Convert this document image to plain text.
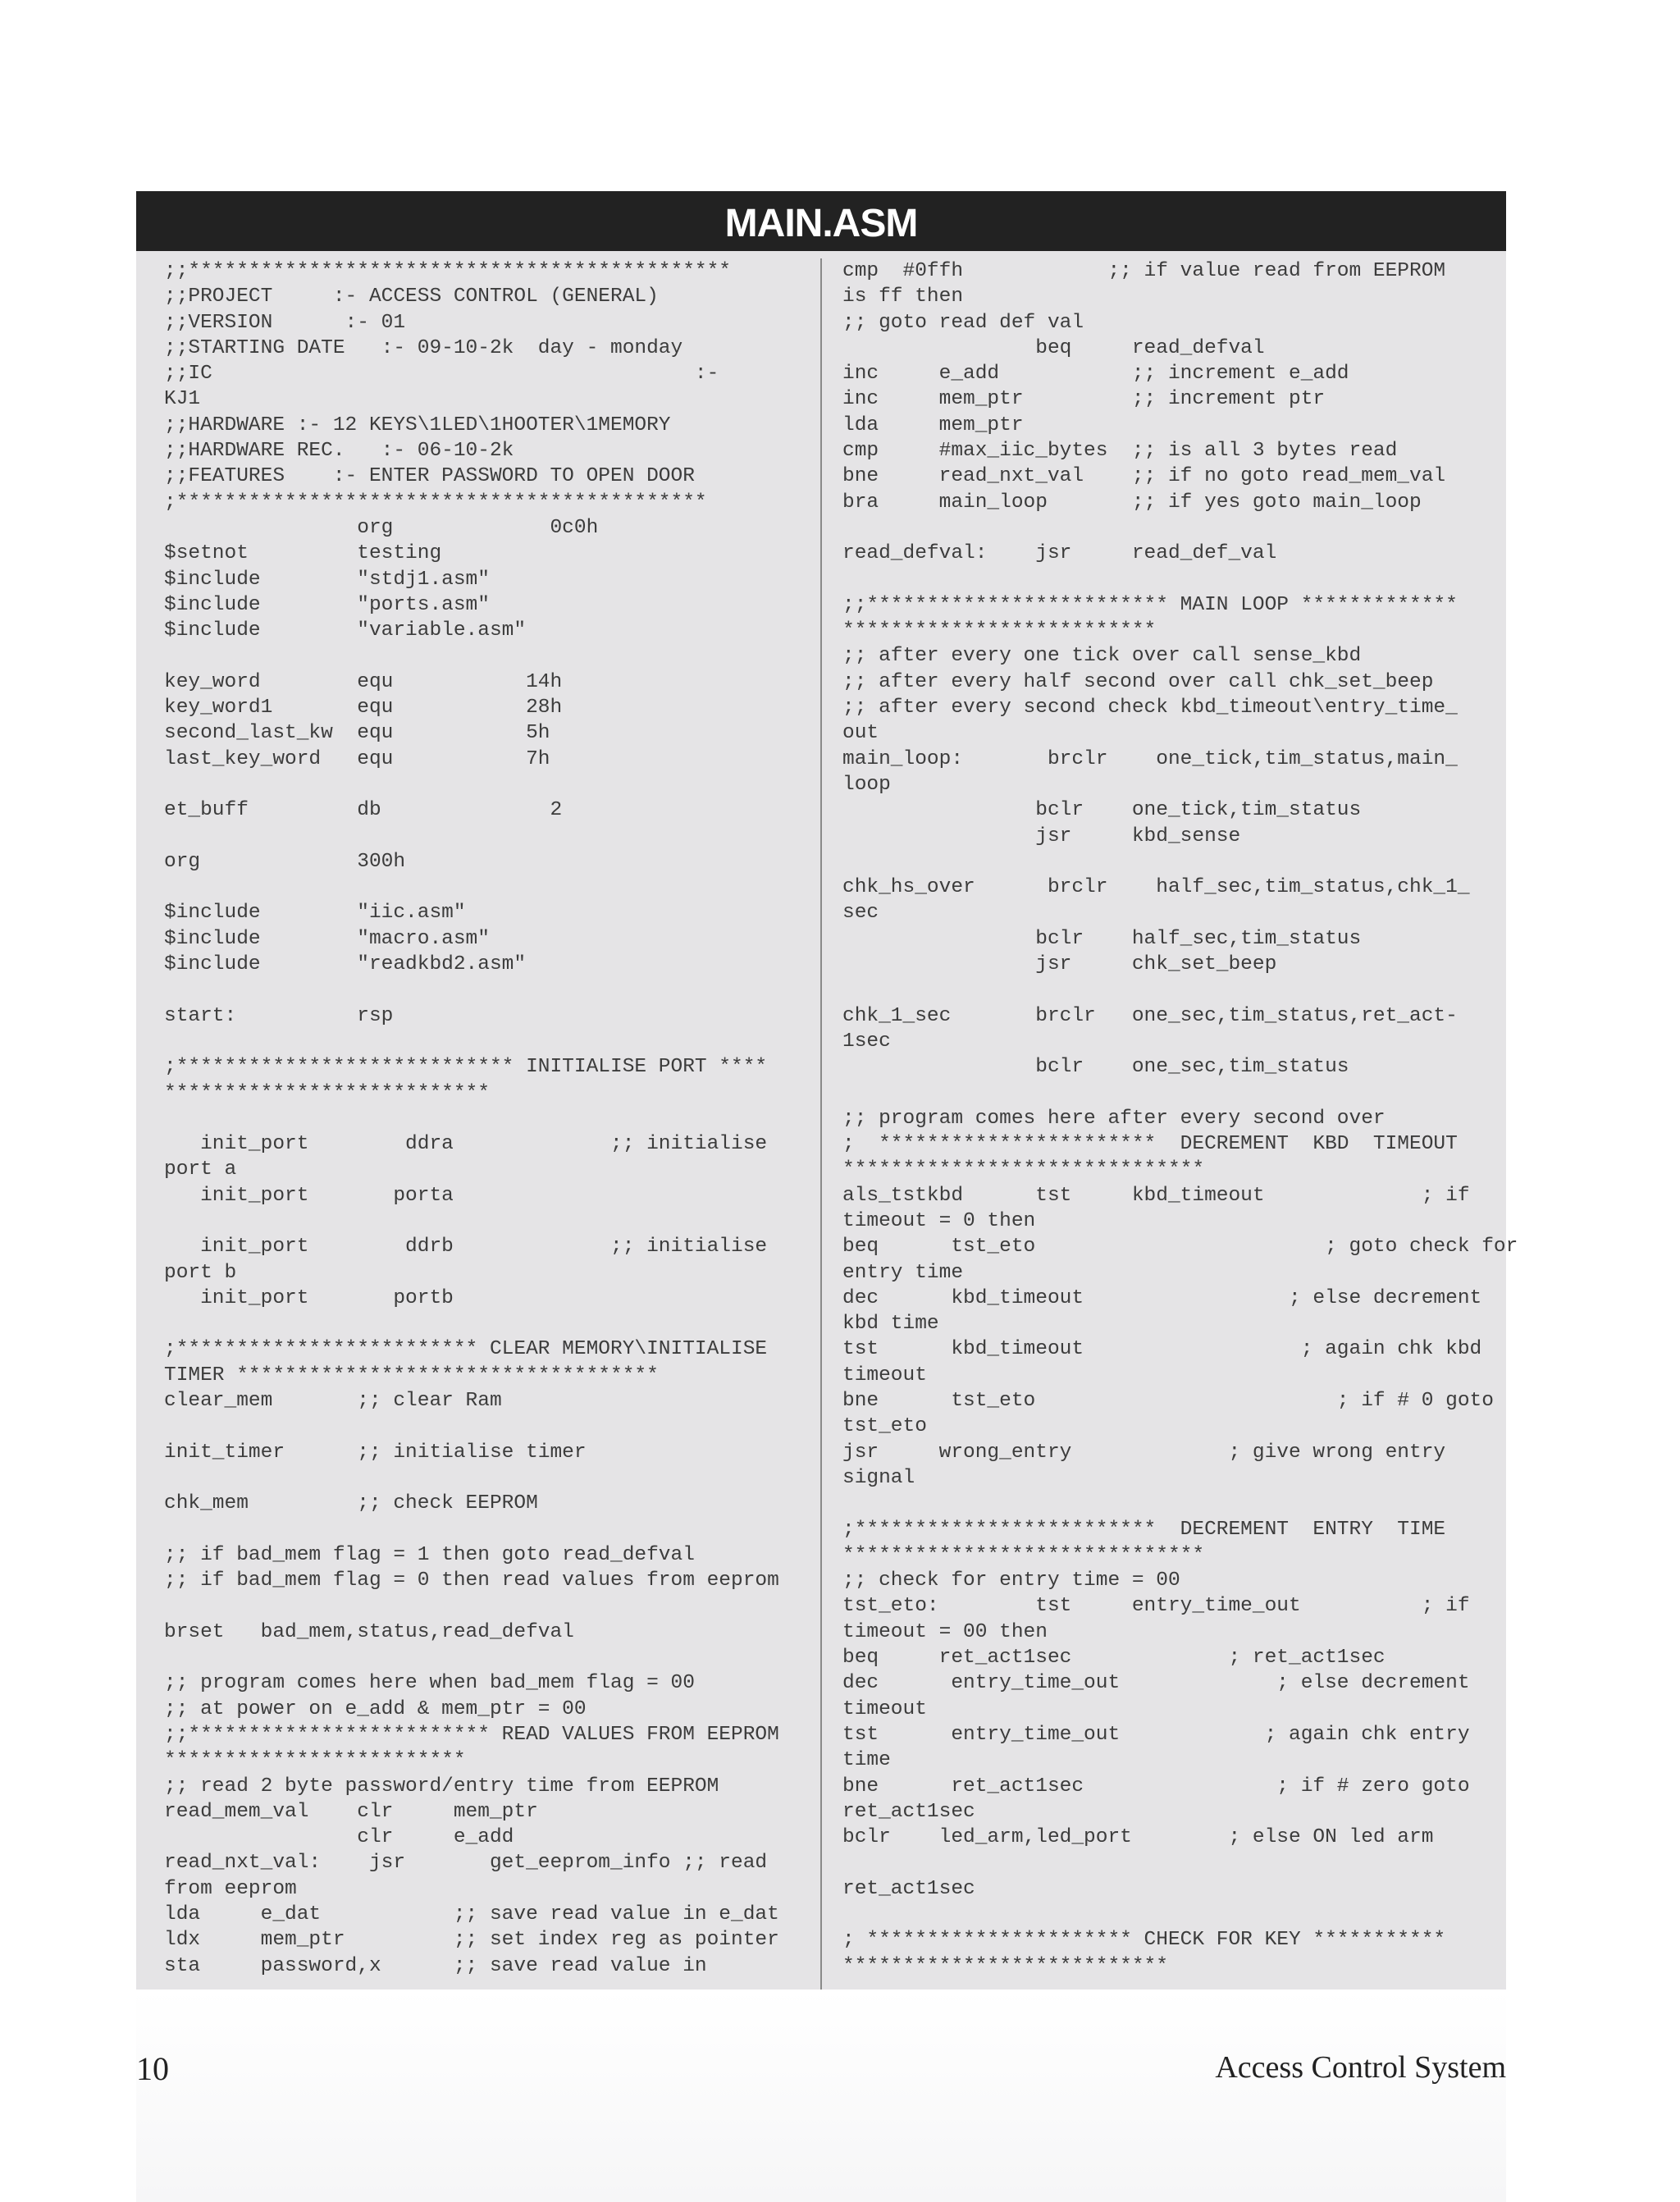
MAIN.ASM
;;*********************************************
;;PROJECT     :- ACCESS CONTROL (GENERAL)
;;VERSION      :- 01
;;STARTING DATE   :- 09-10-2k  day - monday
;;IC                                        :-
KJ1
;;HARDWARE :- 12 KEYS\1LED\1HOOTER\1MEMORY
;;HARDWARE REC.   :- 06-10-2k
;;FEATURES    :- ENTER PASSWORD TO OPEN DOOR
;********************************************
org             0c0h
$setnot         testing
$include        "stdj1.asm"
$include        "ports.asm"
$include        "variable.asm"

key_word        equ           14h
key_word1       equ           28h
second_last_kw  equ           5h
last_key_word   equ           7h

et_buff         db              2

org             300h

$include        "iic.asm"
$include        "macro.asm"
$include        "readkbd2.asm"

start:          rsp

;**************************** INITIALISE PORT ****
***************************

init_port        ddra             ;; initialise
port a
init_port       porta

init_port        ddrb             ;; initialise
port b
init_port       portb

;************************* CLEAR MEMORY\INITIALISE
TIMER ***********************************
clear_mem       ;; clear Ram

init_timer      ;; initialise timer

chk_mem         ;; check EEPROM

;; if bad_mem flag = 1 then goto read_defval
;; if bad_mem flag = 0 then read values from eeprom

brset   bad_mem,status,read_defval

;; program comes here when bad_mem flag = 00
;; at power on e_add & mem_ptr = 00
;;************************* READ VALUES FROM EEPROM
*************************
;; read 2 byte password/entry time from EEPROM
read_mem_val    clr     mem_ptr
clr     e_add
read_nxt_val:    jsr       get_eeprom_info ;; read
from eeprom
lda     e_dat           ;; save read value in e_dat
ldx     mem_ptr         ;; set index reg as pointer
sta     password,x      ;; save read value in
cmp  #0ffh            ;; if value read from EEPROM
is ff then
;; goto read def val
beq     read_defval
inc     e_add           ;; increment e_add
inc     mem_ptr         ;; increment ptr
lda     mem_ptr
cmp     #max_iic_bytes  ;; is all 3 bytes read
bne     read_nxt_val    ;; if no goto read_mem_val
bra     main_loop       ;; if yes goto main_loop

read_defval:    jsr     read_def_val

;;************************* MAIN LOOP *************
**************************
;; after every one tick over call sense_kbd
;; after every half second over call chk_set_beep
;; after every second check kbd_timeout\entry_time_
out
main_loop:       brclr    one_tick,tim_status,main_
loop
bclr    one_tick,tim_status
jsr     kbd_sense

chk_hs_over      brclr    half_sec,tim_status,chk_1_
sec
bclr    half_sec,tim_status
jsr     chk_set_beep

chk_1_sec       brclr   one_sec,tim_status,ret_act-
1sec
bclr    one_sec,tim_status

;; program comes here after every second over
;  ***********************  DECREMENT  KBD  TIMEOUT
******************************
als_tstkbd      tst     kbd_timeout             ; if
timeout = 0 then
beq      tst_eto                        ; goto check for
entry time
dec      kbd_timeout                 ; else decrement
kbd time
tst      kbd_timeout                  ; again chk kbd
timeout
bne      tst_eto                         ; if # 0 goto
tst_eto
jsr     wrong_entry             ; give wrong entry
signal

;*************************  DECREMENT  ENTRY  TIME
******************************
;; check for entry time = 00
tst_eto:        tst     entry_time_out          ; if
timeout = 00 then
beq     ret_act1sec             ; ret_act1sec
dec      entry_time_out             ; else decrement
timeout
tst      entry_time_out            ; again chk entry
time
bne      ret_act1sec                ; if # zero goto
ret_act1sec
bclr    led_arm,led_port        ; else ON led arm

ret_act1sec

; ********************** CHECK FOR KEY ***********
***************************
10	Access Control System
